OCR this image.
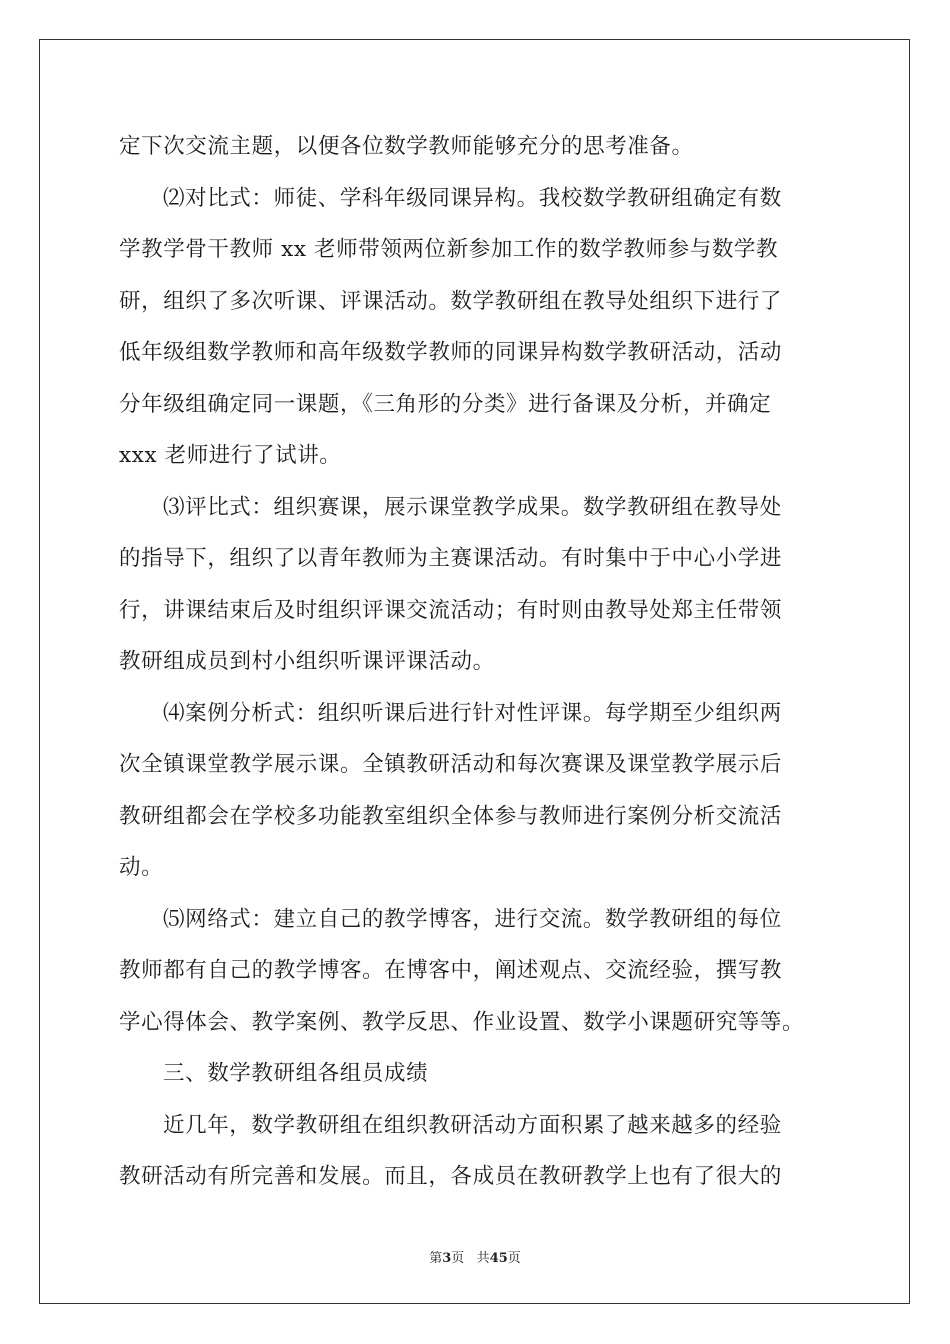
定下次交流主题，以便各位数学教师能够充分的思考准备。
⑵对比式：师徒、学科年级同课异构。我校数学教研组确定有数
学教学骨干教师 xx 老师带领两位新参加工作的数学教师参与数学教
研，组织了多次听课、评课活动。数学教研组在教导处组织下进行了
低年级组数学教师和高年级数学教师的同课异构数学教研活动，活动
分年级组确定同一课题，《三角形的分类》进行备课及分析，并确定
xxx 老师进行了试讲。
⑶评比式：组织赛课，展示课堂教学成果。数学教研组在教导处
的指导下，组织了以青年教师为主赛课活动。有时集中于中心小学进
行，讲课结束后及时组织评课交流活动；有时则由教导处郑主任带领
教研组成员到村小组织听课评课活动。
⑷案例分析式：组织听课后进行针对性评课。每学期至少组织两
次全镇课堂教学展示课。全镇教研活动和每次赛课及课堂教学展示后
教研组都会在学校多功能教室组织全体参与教师进行案例分析交流活
动。
⑸网络式：建立自己的教学博客，进行交流。数学教研组的每位
教师都有自己的教学博客。在博客中，阐述观点、交流经验，撰写教
学心得体会、教学案例、教学反思、作业设置、数学小课题研究等等。
三、数学教研组各组员成绩
近几年，数学教研组在组织教研活动方面积累了越来越多的经验
教研活动有所完善和发展。而且，各成员在教研教学上也有了很大的
第3页 共45页
